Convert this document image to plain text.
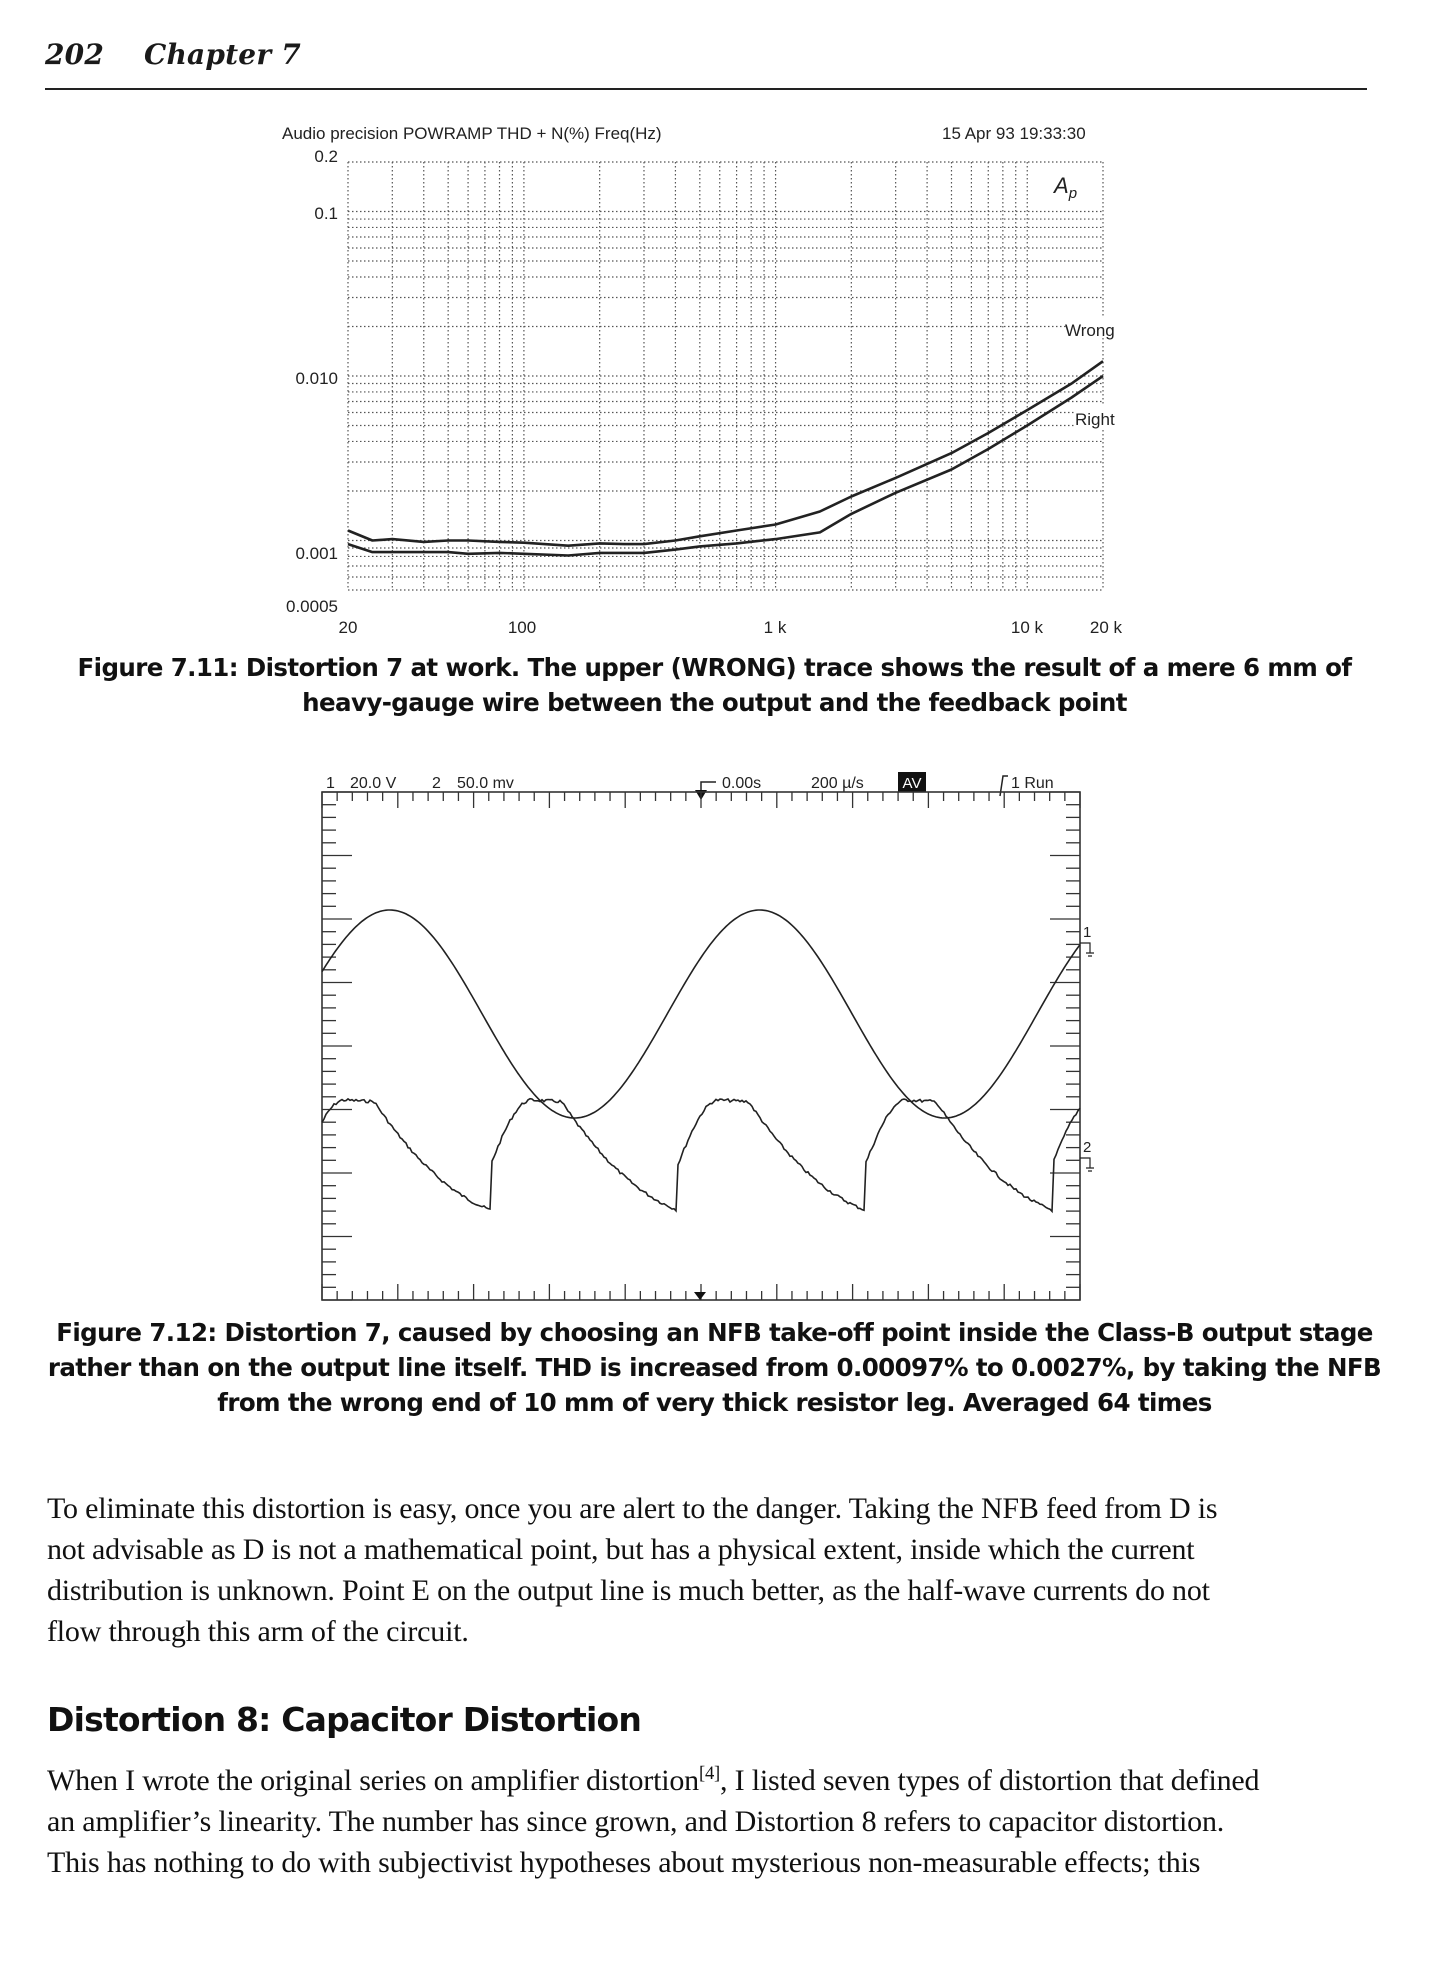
202 Chapter 7
Audio precision POWRAMP THD + N(%) Freq(Hz)	15 Apr 93 19:33:30
0.2
0.1
0.010
0.001
0.0005
20	100	1 k	10 k	20 k
$A_p$
Wrong
Right
Figure 7.11: Distortion 7 at work. The upper (WRONG) trace shows the result of a mere 6 mm of
heavy-gauge wire between the output and the feedback point
1 20.0 V 2 50.0 mv	0.00s	200 µ/s	AV	1 Run
1
2
Figure 7.12: Distortion 7, caused by choosing an NFB take-off point inside the Class-B output stage
rather than on the output line itself. THD is increased from 0.00097% to 0.0027%, by taking the NFB
from the wrong end of 10 mm of very thick resistor leg. Averaged 64 times
To eliminate this distortion is easy, once you are alert to the danger. Taking the NFB feed from D is
not advisable as D is not a mathematical point, but has a physical extent, inside which the current
distribution is unknown. Point E on the output line is much better, as the half-wave currents do not
flow through this arm of the circuit.
Distortion 8: Capacitor Distortion
When I wrote the original series on amplifier distortion[4], I listed seven types of distortion that defined
an amplifier’s linearity. The number has since grown, and Distortion 8 refers to capacitor distortion.
This has nothing to do with subjectivist hypotheses about mysterious non-measurable effects; this
